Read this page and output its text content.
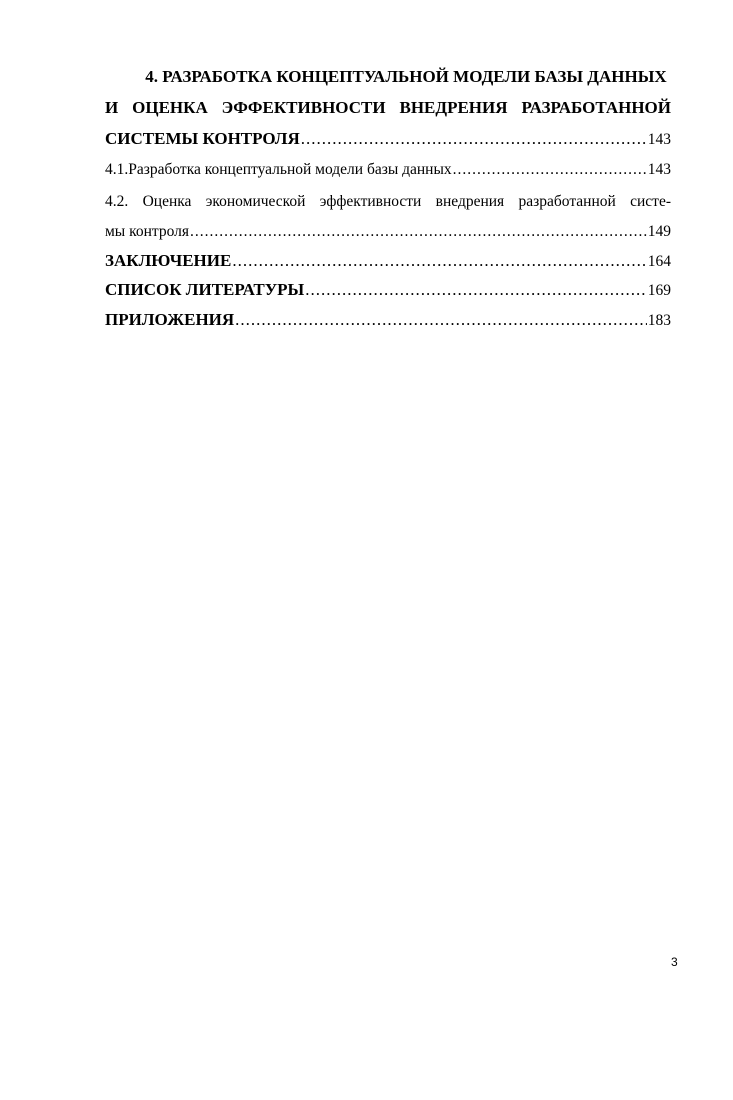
4. РАЗРАБОТКА КОНЦЕПТУАЛЬНОЙ МОДЕЛИ БАЗЫ ДАННЫХ
И ОЦЕНКА ЭФФЕКТИВНОСТИ ВНЕДРЕНИЯ РАЗРАБОТАННОЙ
СИСТЕМЫ КОНТРОЛЯ .....	143
4.1.Разработка концептуальной модели базы данных .....	143
4.2. Оценка экономической эффективности внедрения разработанной систе-
мы контроля .....	149
ЗАКЛЮЧЕНИЕ .....	164
СПИСОК ЛИТЕРАТУРЫ .....	169
ПРИЛОЖЕНИЯ .....	183
3
